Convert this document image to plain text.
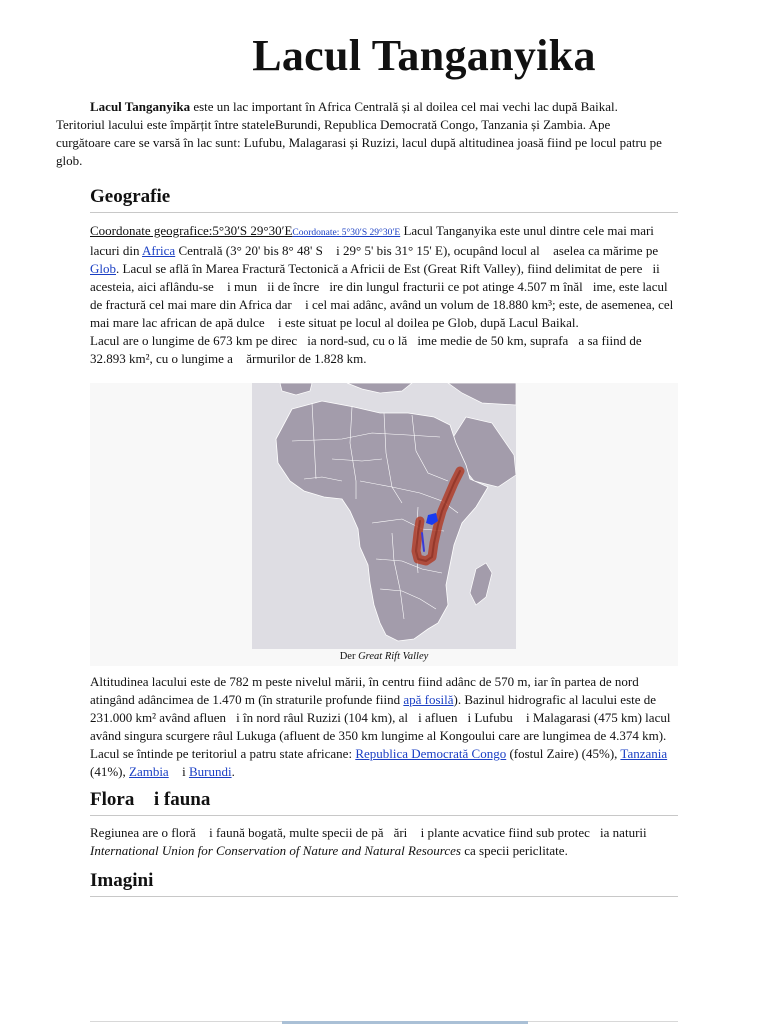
Lacul Tanganyika
Lacul Tanganyika este un lac important în Africa Centrală și al doilea cel mai vechi lac după Baikal. Teritoriul lacului este împărțit între stateleBurundi, Republica Democratǎ Congo, Tanzania și Zambia. Ape curgătoare care se varsă în lac sunt: Lufubu, Malagarasi și Ruzizi, lacul după altitudinea joasă fiind pe locul patru pe glob.
Geografie
Coordonate geografice:5°30′S 29°30′ECoordonate: 5°30′S 29°30′E Lacul Tanganyika este unul dintre cele mai mari lacuri din Africa Centrală (3° 20' bis 8° 48' S  i 29° 5' bis 31° 15' E), ocupând locul al  aselea ca mărime pe Glob. Lacul se află în Marea Fractură Tectonică a Africii de Est (Great Rift Valley), fiind delimitat de pere ii acesteia, aici aflându-se  i mun ii de încre ire din lungul fracturii ce pot atinge 4.507 m înăl ime, este lacul de fractură cel mai mare din Africa dar  i cel mai adânc, având un volum de 18.880 km³; este, de asemenea, cel mai mare lac african de apă dulce  i este situat pe locul al doilea pe Glob, după Lacul Baikal.
Lacul are o lungime de 673 km pe direc ia nord-sud, cu o lă ime medie de 50 km, suprafa a sa fiind de 32.893 km², cu o lungime a  ărmurilor de 1.828 km.
Der Great Rift Valley
Altitudinea lacului este de 782 m peste nivelul mării, în centru fiind adânc de 570 m, iar în partea de nord atingând adâncimea de 1.470 m (în straturile profunde fiind apă fosilă). Bazinul hidrografic al lacului este de 231.000 km² având afluen i în nord râul Ruzizi (104 km), al i afluen i Lufubu  i Malagarasi (475 km) lacul având singura scurgere râul Lukuga (afluent de 350 km lungime al Kongoului care are lungimea de 4.374 km). Lacul se întinde pe teritoriul a patru state africane: Republica Democrată Congo (fostul Zaire) (45%), Tanzania (41%), Zambia  i Burundi.
Flora  i fauna
Regiunea are o floră  i faună bogată, multe specii de pă ări  i plante acvatice fiind sub protec ia naturii International Union for Conservation of Nature and Natural Resources ca specii periclitate.
Imagini
